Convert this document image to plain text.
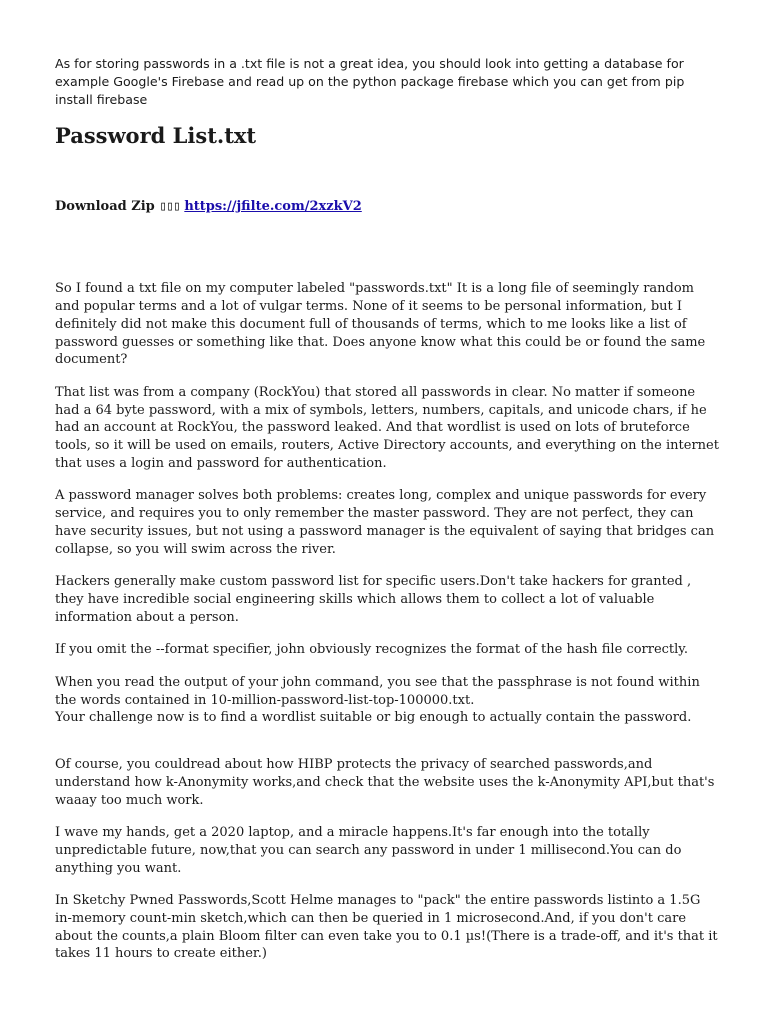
As for storing passwords in a .txt file is not a great idea, you should look into getting a database for example Google's Firebase and read up on the python package firebase which you can get from pip install firebase

Password List.txt
Download Zip ▯▯▯ https://jfilte.com/2xzkV2

So I found a txt file on my computer labeled "passwords.txt" It is a long file of seemingly random and popular terms and a lot of vulgar terms. None of it seems to be personal information, but I definitely did not make this document full of thousands of terms, which to me looks like a list of password guesses or something like that. Does anyone know what this could be or found the same document?

That list was from a company (RockYou) that stored all passwords in clear. No matter if someone had a 64 byte password, with a mix of symbols, letters, numbers, capitals, and unicode chars, if he had an account at RockYou, the password leaked. And that wordlist is used on lots of bruteforce tools, so it will be used on emails, routers, Active Directory accounts, and everything on the internet that uses a login and password for authentication.

A password manager solves both problems: creates long, complex and unique passwords for every service, and requires you to only remember the master password. They are not perfect, they can have security issues, but not using a password manager is the equivalent of saying that bridges can collapse, so you will swim across the river.

Hackers generally make custom password list for specific users.Don't take hackers for granted , they have incredible social engineering skills which allows them to collect a lot of valuable information about a person.

If you omit the --format specifier, john obviously recognizes the format of the hash file correctly.

When you read the output of your john command, you see that the passphrase is not found within the words contained in 10-million-password-list-top-100000.txt.

Your challenge now is to find a wordlist suitable or big enough to actually contain the password.

Of course, you couldread about how HIBP protects the privacy of searched passwords,and understand how k-Anonymity works,and check that the website uses the k-Anonymity API,but that's waaay too much work.

I wave my hands, get a 2020 laptop, and a miracle happens.It's far enough into the totally unpredictable future, now,that you can search any password in under 1 millisecond.You can do anything you want.

In Sketchy Pwned Passwords,Scott Helme manages to "pack" the entire passwords listinto a 1.5G in-memory count-min sketch,which can then be queried in 1 microsecond.And, if you don't care about the counts,a plain Bloom filter can even take you to 0.1 µs!(There is a trade-off, and it's that it takes 11 hours to create either.)
